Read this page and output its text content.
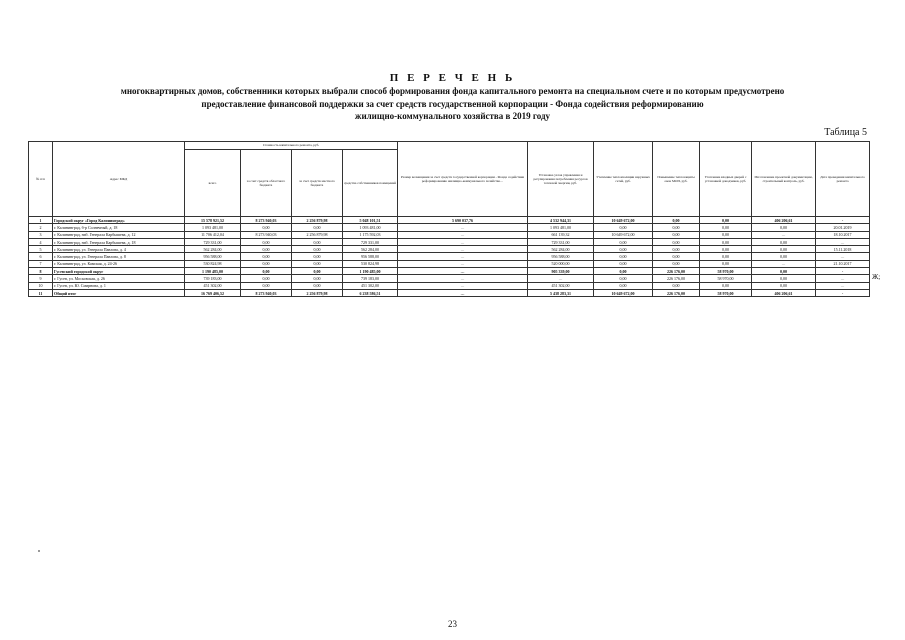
П Е Р Е Ч Е Н Ь
многоквартирных домов, собственники которых выбрали способ формирования фонда капитального ремонта на специальном счете и по которым предусмотрено
предоставление финансовой поддержки за счет средств государственной корпорации - Фонда содействия реформированию
жилищно-коммунального хозяйства в 2019 году
Таблица 5
№ п/п	Адрес МКД	Стоимость капитального ремонта, руб.				Размер возмещения за счет средств государственной корпорации - Фонда содействия реформированию жилищно-коммунального хозяйства…	Установка узлов управления и регулирования потребления ресурсов тепловой энергии, руб.	Утепление теплоизоляции наружных сетей, руб.	Повышение теплозащиты окон МОП, руб.	Утепление входных дверей с установкой доводчиков, руб.	Изготовление проектной документации, строительный контроль, руб.	Дата проведения капитального ремонта
		всего	за счет средств областного бюджета	за счет средств местного бюджета	средства собственников помещений							
1	Городской округ «Город Калининград»	15 578 921,52	8 273 940,03	2 256 879,98	5 048 101,51	5 690 037,76	4 532 944,31	10 649 672,00	0,00	0,00	406 206,61	-
2	г. Калининград, б-р Солнечный, д. 18	1 093 481,00	0,00	0,00	1 093 481,00	…	1 093 481,00	0,00	0,00	0,00	0,00	20.01.2019
3	г. Калининград, наб. Генерала Карбышева, д. 12	11 706 412,04	8 273 940,03	2 256 879,98	1 175 592,03	…	661 139,32	10 649 672,00	0,00	0,00	…	18.10.2017
4	г. Калининград, наб. Генерала Карбышева, д. 18	729 331,00	0,00	0,00	729 331,00	…	729 331,00	0,00	0,00	0,00	0,00	…
5	г. Калининград, ул. Генерала Павлова, д. 4	562 284,00	0,00	0,00	562 284,00	…	562 284,00	0,00	0,00	0,00	0,00	15.11.2018
6	г. Калининград, ул. Генерала Павлова, д. 8	956 588,00	0,00	0,00	956 588,00	…	956 588,00	0,00	0,00	0,00	0,00	…
7	г. Калининград, ул. Камская, д. 24-26	530 824,98	0,00	0,00	530 824,98	…	520 000,00	0,00	0,00	0,00	…	21.10.2017
8	Гусевский городской округ	1 190 485,00	0,00	0,00	1 190 485,00	…	905 339,00	0,00	226 176,00	58 970,00	0,00	-
9	г. Гусев, ул. Московская, д. 26	739 183,00	0,00	0,00	739 183,00	…	…	0,00	226 176,00	58 970,00	0,00	…
10	г. Гусев, ул. Ю. Смирнова, д. 1	451 302,00	0,00	0,00	451 302,00	…	451 302,00	0,00	0,00	0,00	0,00	…
11	Общий итог	16 769 406,52	8 273 940,03	2 256 879,98	6 238 586,51	…	5 438 283,31	10 649 672,00	226 176,00	58 970,00	406 206,61	-
Ж;
23
